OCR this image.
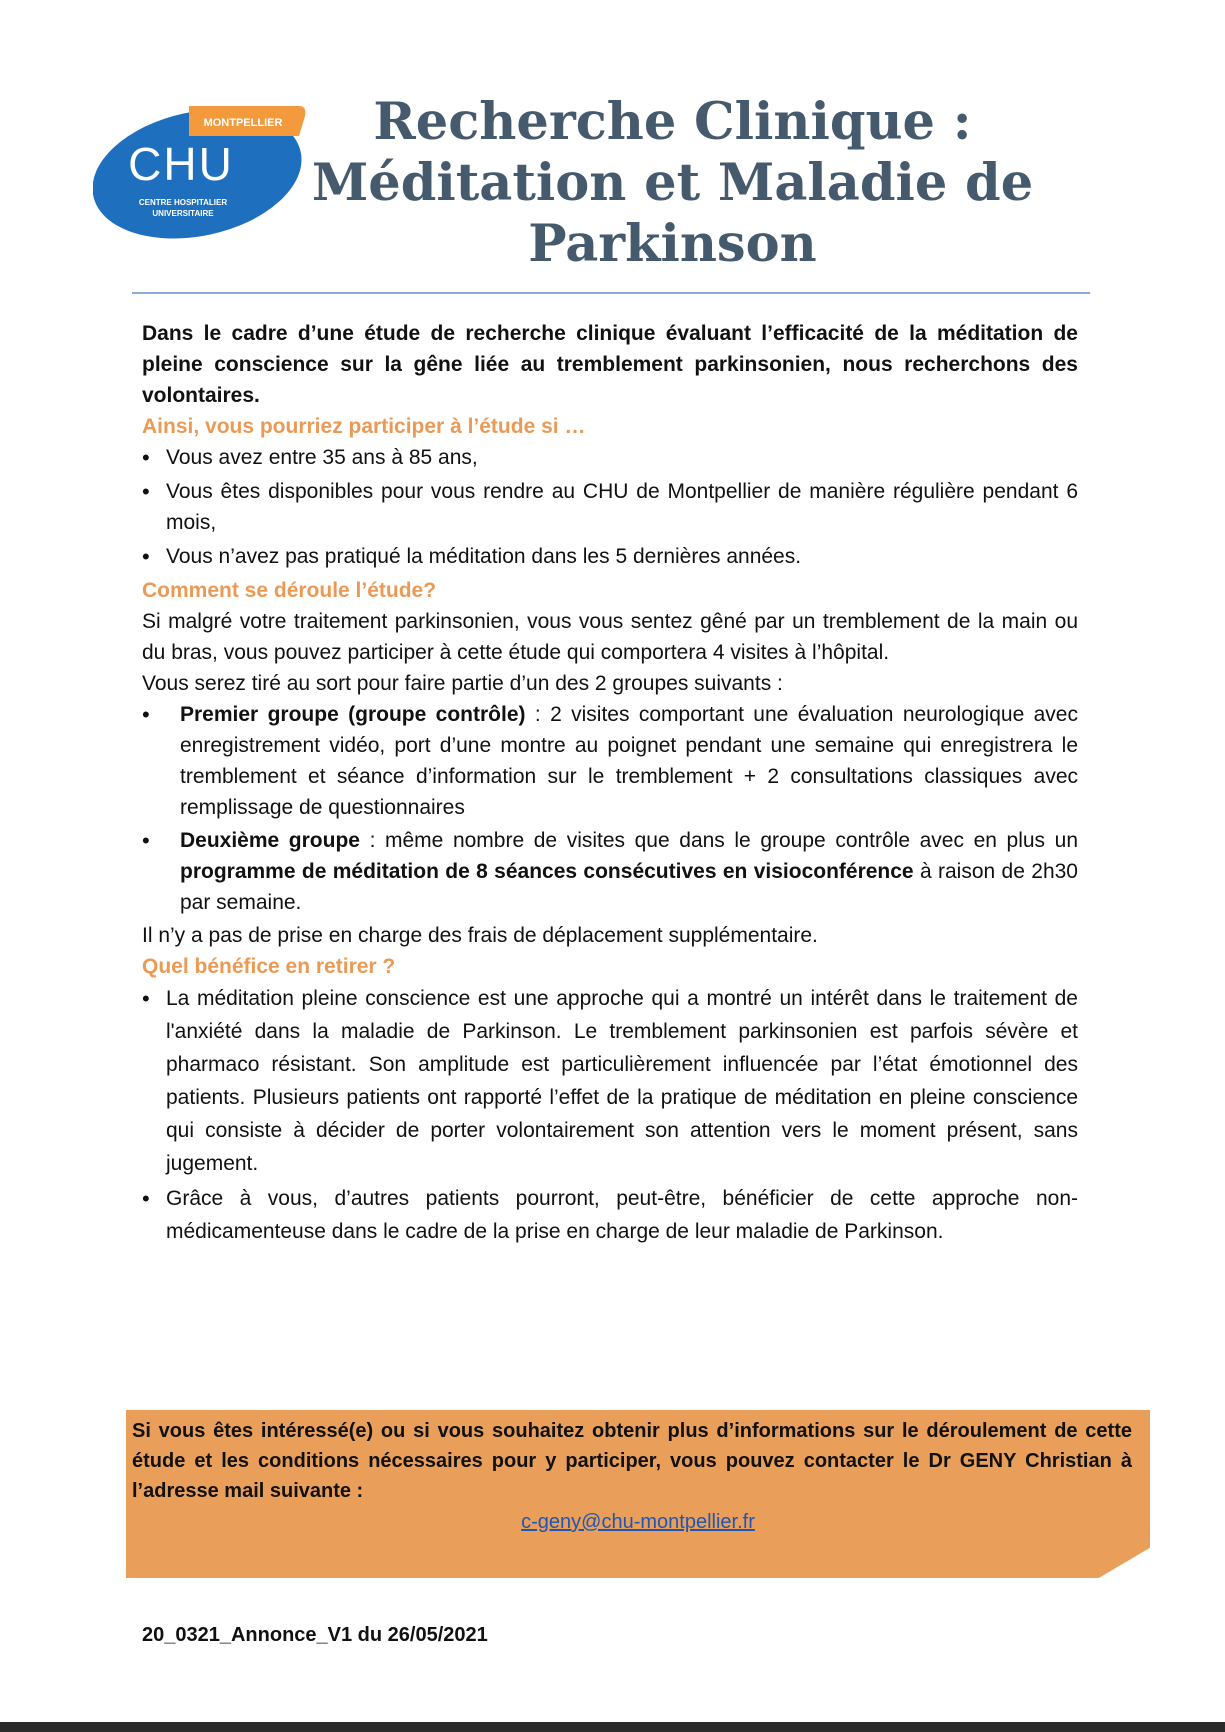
MONTPELLIER
CHU
CENTRE HOSPITALIER
UNIVERSITAIRE
Recherche Clinique :
Méditation et Maladie de
Parkinson

Dans le cadre d’une étude de recherche clinique évaluant l’efficacité de la méditation de pleine conscience sur la gêne liée au tremblement parkinsonien, nous recherchons des volontaires.

Ainsi, vous pourriez participer à l’étude si …

• Vous avez entre 35 ans à 85 ans,
• Vous êtes disponibles pour vous rendre au CHU de Montpellier de manière régulière pendant 6 mois,
• Vous n’avez pas pratiqué la méditation dans les 5 dernières années.

Comment se déroule l’étude?

Si malgré votre traitement parkinsonien, vous vous sentez gêné par un tremblement de la main ou du bras, vous pouvez participer à cette étude qui comportera 4 visites à l’hôpital.

Vous serez tiré au sort pour faire partie d’un des 2 groupes suivants :

• Premier groupe (groupe contrôle) : 2 visites comportant une évaluation neurologique avec enregistrement vidéo, port d’une montre au poignet pendant une semaine qui enregistrera le tremblement et séance d’information sur le tremblement + 2 consultations classiques avec remplissage de questionnaires
• Deuxième groupe : même nombre de visites que dans le groupe contrôle avec en plus un programme de méditation de 8 séances consécutives en visioconférence à raison de 2h30 par semaine.

Il n’y a pas de prise en charge des frais de déplacement supplémentaire.

Quel bénéfice en retirer ?

• La méditation pleine conscience est une approche qui a montré un intérêt dans le traitement de l'anxiété dans la maladie de Parkinson. Le tremblement parkinsonien est parfois sévère et pharmaco résistant. Son amplitude est particulièrement influencée par l’état émotionnel des patients. Plusieurs patients ont rapporté l’effet de la pratique de méditation en pleine conscience qui consiste à décider de porter volontairement son attention vers le moment présent, sans jugement.
• Grâce à vous, d’autres patients pourront, peut-être, bénéficier de cette approche non-médicamenteuse dans le cadre de la prise en charge de leur maladie de Parkinson.

Si vous êtes intéressé(e) ou si vous souhaitez obtenir plus d’informations sur le déroulement de cette étude et les conditions nécessaires pour y participer, vous pouvez contacter le Dr GENY Christian à l’adresse mail suivante :

c-geny@chu-montpellier.fr
20_0321_Annonce_V1 du 26/05/2021
